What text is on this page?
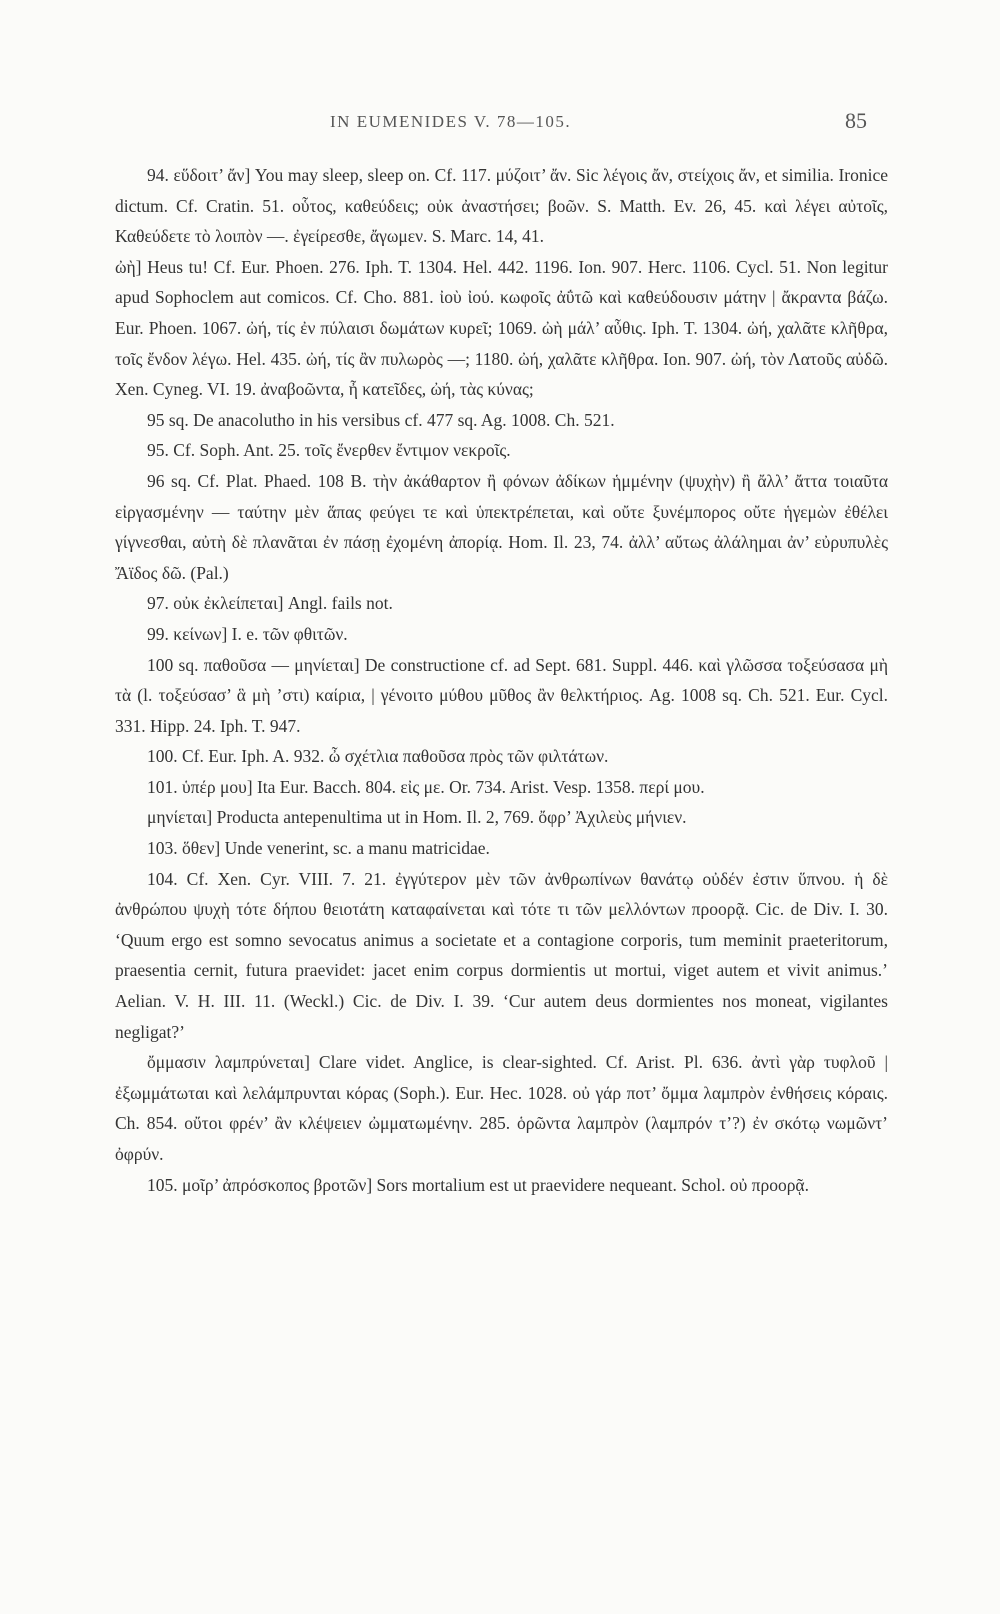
IN EUMENIDES V. 78—105.	85

94. εὕδοιτ’ ἄν] You may sleep, sleep on. Cf. 117. μύζοιτ’ ἄν. Sic λέγοις ἄν, στείχοις ἄν, et similia. Ironice dictum. Cf. Cratin. 51. οὗτος, καθεύδεις; οὐκ ἀναστήσει; βοῶν. S. Matth. Ev. 26, 45. καὶ λέγει αὐτοῖς, Καθεύδετε τὸ λοιπὸν —. ἐγείρεσθε, ἄγωμεν. S. Marc. 14, 41.

ὠὴ] Heus tu! Cf. Eur. Phoen. 276. Iph. T. 1304. Hel. 442. 1196. Ion. 907. Herc. 1106. Cycl. 51. Non legitur apud Sophoclem aut comicos. Cf. Cho. 881. ἰοὺ ἰού. κωφοῖς ἀΰτῶ καὶ καθεύδουσιν μάτην | ἄκραντα βάζω. Eur. Phoen. 1067. ὠή, τίς ἐν πύλαισι δωμάτων κυρεῖ; 1069. ὠὴ μάλ’ αὖθις. Iph. T. 1304. ὠή, χαλᾶτε κλῆθρα, τοῖς ἔνδον λέγω. Hel. 435. ὠή, τίς ἂν πυλωρὸς —; 1180. ὠή, χαλᾶτε κλῆθρα. Ion. 907. ὠή, τὸν Λατοῦς αὐδῶ. Xen. Cyneg. VI. 19. ἀναβοῶντα, ἦ κατεῖδες, ὠή, τὰς κύνας;

95 sq. De anacolutho in his versibus cf. 477 sq. Ag. 1008. Ch. 521.

95. Cf. Soph. Ant. 25. τοῖς ἔνερθεν ἔντιμον νεκροῖς.

96 sq. Cf. Plat. Phaed. 108 B. τὴν ἀκάθαρτον ἢ φόνων ἀδίκων ἡμμένην (ψυχὴν) ἢ ἄλλ’ ἄττα τοιαῦτα εἰργασμένην — ταύτην μὲν ἅπας φεύγει τε καὶ ὑπεκτρέπεται, καὶ οὔτε ξυνέμπορος οὔτε ἡγεμὼν ἐθέλει γίγνεσθαι, αὐτὴ δὲ πλανᾶται ἐν πάσῃ ἐχομένη ἀπορίᾳ. Hom. Il. 23, 74. ἀλλ’ αὔτως ἀλάλημαι ἀν’ εὐρυπυλὲς Ἄϊδος δῶ. (Pal.)

97. οὐκ ἐκλείπεται] Angl. fails not.

99. κείνων] I. e. τῶν φθιτῶν.

100 sq. παθοῦσα — μηνίεται] De constructione cf. ad Sept. 681. Suppl. 446. καὶ γλῶσσα τοξεύσασα μὴ τὰ (l. τοξεύσασ’ ἃ μὴ ’στι) καίρια, | γένοιτο μύθου μῦθος ἂν θελκτήριος. Ag. 1008 sq. Ch. 521. Eur. Cycl. 331. Hipp. 24. Iph. T. 947.

100. Cf. Eur. Iph. A. 932. ὦ σχέτλια παθοῦσα πρὸς τῶν φιλτάτων.

101. ὑπέρ μου] Ita Eur. Bacch. 804. εἰς με. Or. 734. Arist. Vesp. 1358. περί μου.

μηνίεται] Producta antepenultima ut in Hom. Il. 2, 769. ὄφρ’ Ἀχιλεὺς μήνιεν.

103. ὅθεν] Unde venerint, sc. a manu matricidae.

104. Cf. Xen. Cyr. VIII. 7. 21. ἐγγύτερον μὲν τῶν ἀνθρωπίνων θανάτῳ οὐδέν ἐστιν ὕπνου. ἡ δὲ ἀνθρώπου ψυχὴ τότε δήπου θειοτάτη καταφαίνεται καὶ τότε τι τῶν μελλόντων προορᾷ. Cic. de Div. I. 30. ‘Quum ergo est somno sevocatus animus a societate et a contagione corporis, tum meminit praeteritorum, praesentia cernit, futura praevidet: jacet enim corpus dormientis ut mortui, viget autem et vivit animus.’ Aelian. V. H. III. 11. (Weckl.) Cic. de Div. I. 39. ‘Cur autem deus dormientes nos moneat, vigilantes negligat?’

ὄμμασιν λαμπρύνεται] Clare videt. Anglice, is clear-sighted. Cf. Arist. Pl. 636. ἀντὶ γὰρ τυφλοῦ | ἐξωμμάτωται καὶ λελάμπρυνται κόρας (Soph.). Eur. Hec. 1028. οὐ γάρ ποτ’ ὄμμα λαμπρὸν ἐνθήσεις κόραις. Ch. 854. οὔτοι φρέν’ ἂν κλέψειεν ὠμματωμένην. 285. ὁρῶντα λαμπρὸν (λαμπρόν τ’?) ἐν σκότῳ νωμῶντ’ ὀφρύν.

105. μοῖρ’ ἀπρόσκοπος βροτῶν] Sors mortalium est ut praevidere nequeant. Schol. οὐ προορᾷ.
